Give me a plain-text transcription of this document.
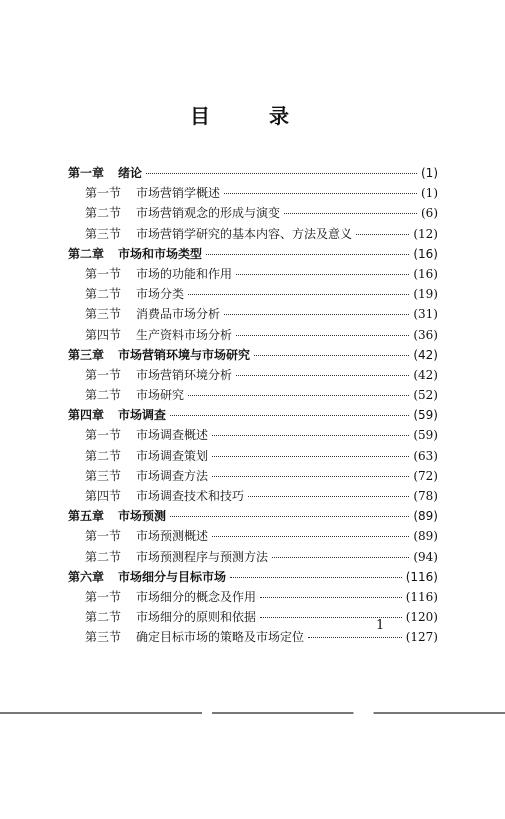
目 录
第一章	绪论	(1)
第一节	市场营销学概述	(1)
第二节	市场营销观念的形成与演变	(6)
第三节	市场营销学研究的基本内容、方法及意义	(12)
第二章	市场和市场类型	(16)
第一节	市场的功能和作用	(16)
第二节	市场分类	(19)
第三节	消费品市场分析	(31)
第四节	生产资料市场分析	(36)
第三章	市场营销环境与市场研究	(42)
第一节	市场营销环境分析	(42)
第二节	市场研究	(52)
第四章	市场调查	(59)
第一节	市场调查概述	(59)
第二节	市场调查策划	(63)
第三节	市场调查方法	(72)
第四节	市场调查技术和技巧	(78)
第五章	市场预测	(89)
第一节	市场预测概述	(89)
第二节	市场预测程序与预测方法	(94)
第六章	市场细分与目标市场	(116)
第一节	市场细分的概念及作用	(116)
第二节	市场细分的原则和依据	(120)
第三节	确定目标市场的策略及市场定位	(127)
1
